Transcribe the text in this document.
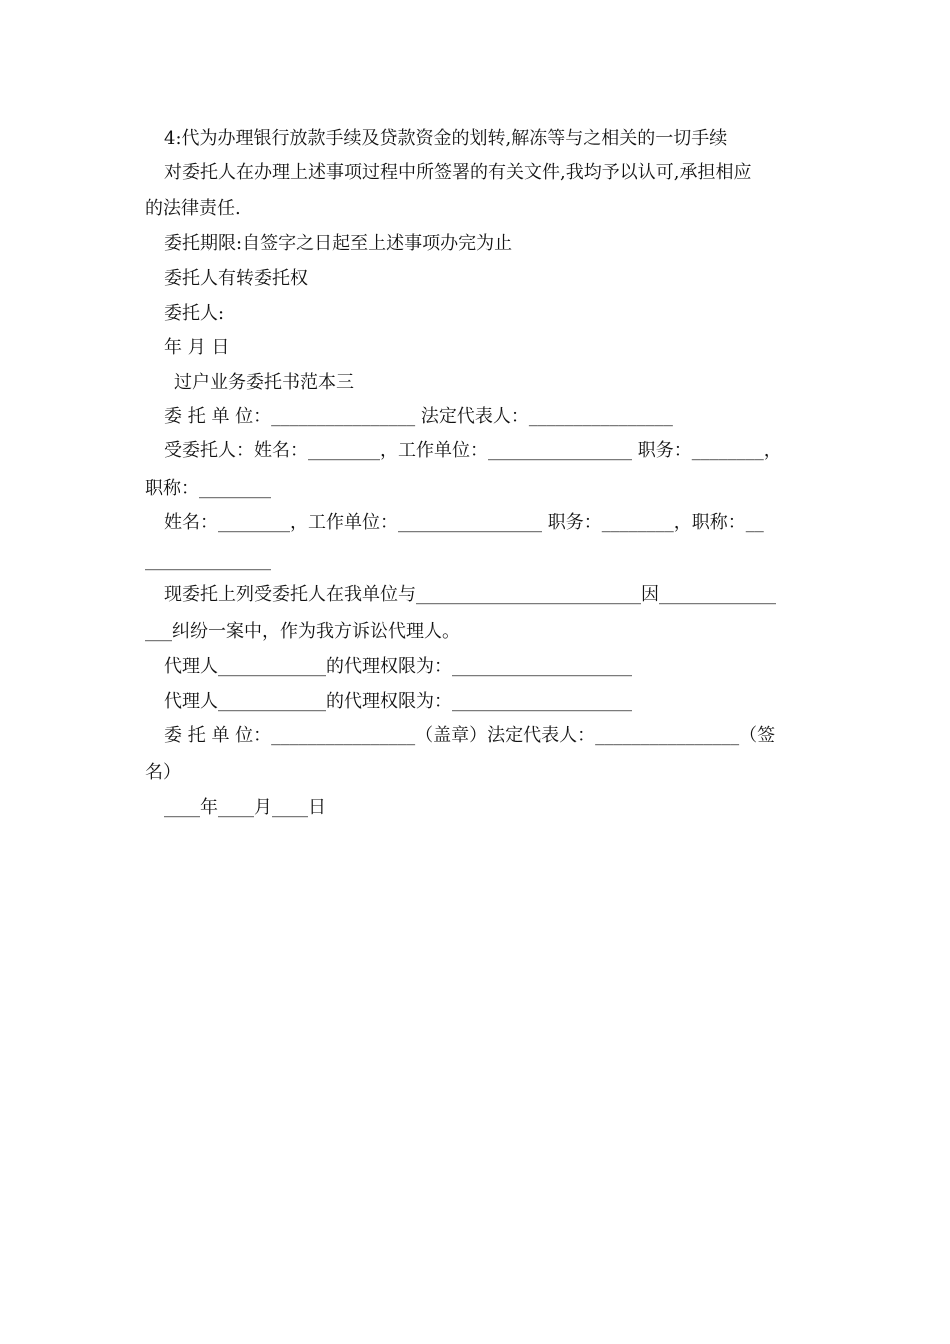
4:代为办理银行放款手续及贷款资金的划转,解冻等与之相关的一切手续
对委托人在办理上述事项过程中所签署的有关文件,我均予以认可,承担相应
的法律责任.
委托期限:自签字之日起至上述事项办完为止
委托人有转委托权
委托人:
年 月 日
过户业务委托书范本三
委 托 单 位：________________ 法定代表人：________________
受委托人：姓名：________，工作单位：________________ 职务：________，
职称：________
姓名：________，工作单位：________________ 职务：________，职称：__
______________
现委托上列受委托人在我单位与_________________________因_____________
___纠纷一案中，作为我方诉讼代理人。
代理人____________的代理权限为：____________________
代理人____________的代理权限为：____________________
委 托 单 位：________________（盖章）法定代表人：________________（签
名）
____年____月____日
